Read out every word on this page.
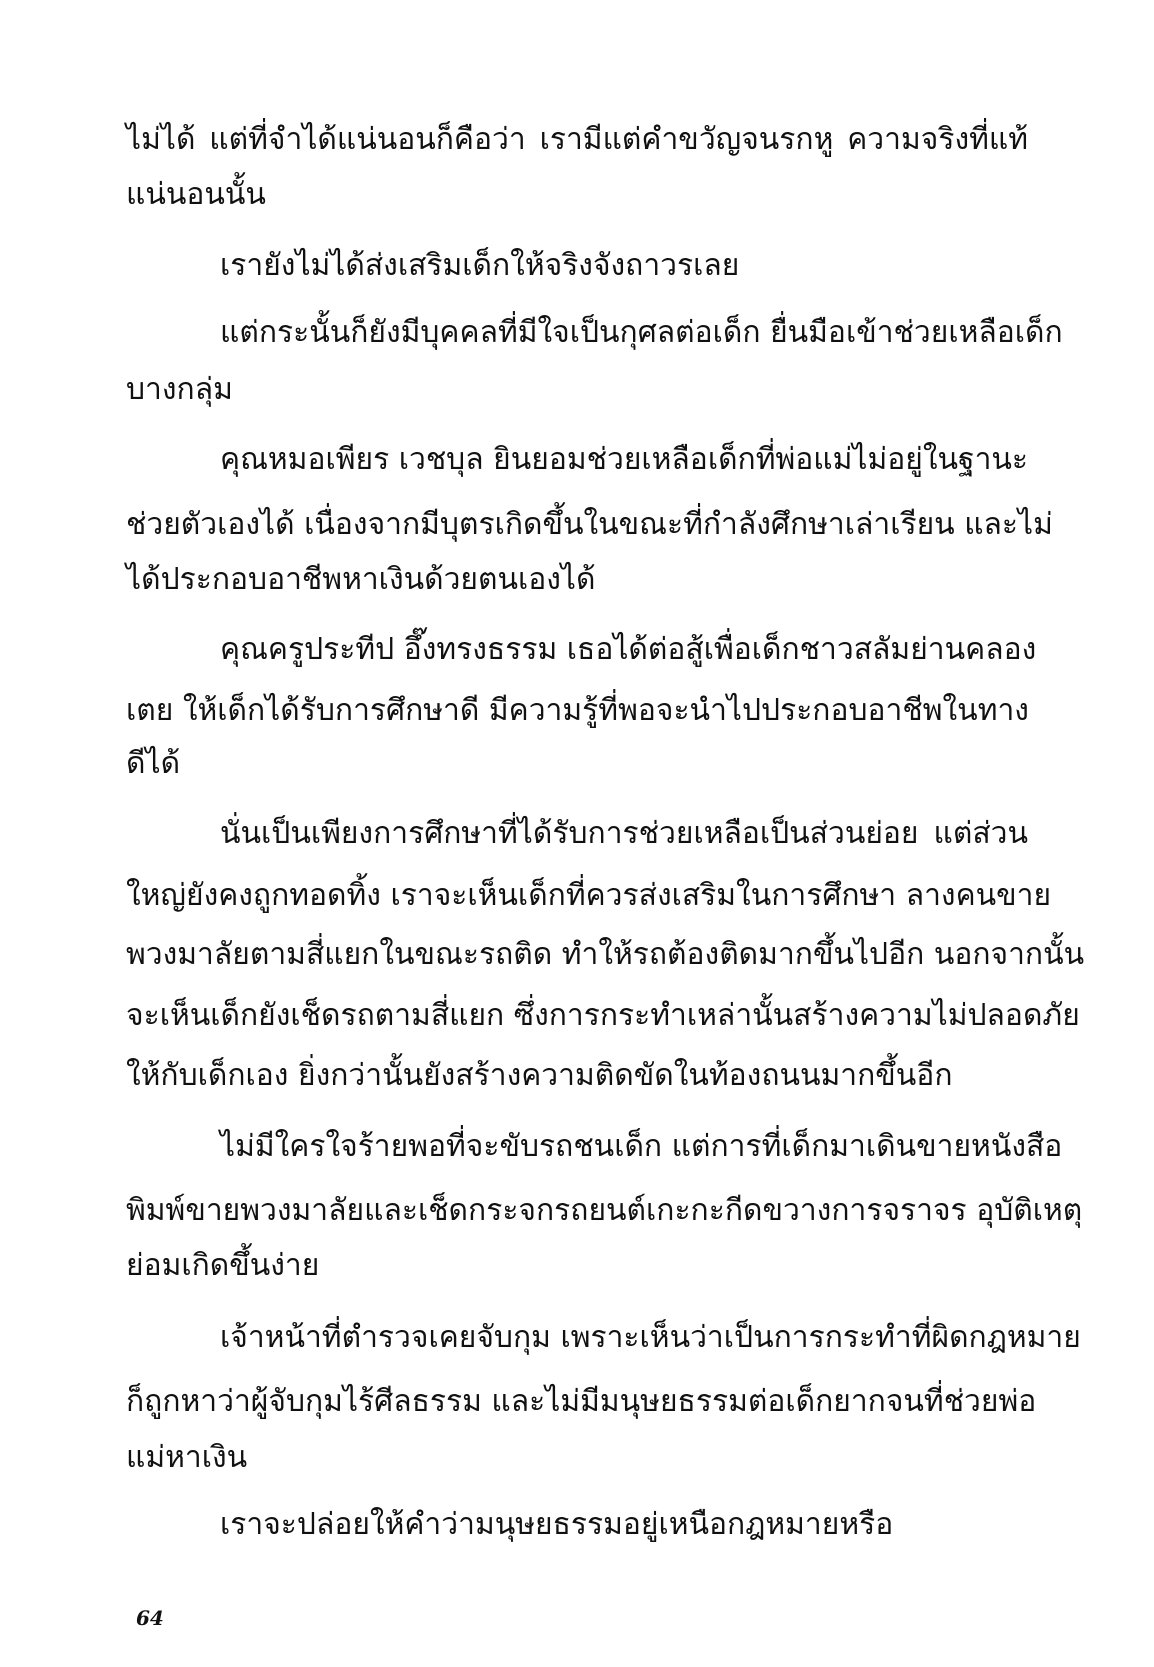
ไม่ได้ แต่ที่จำได้แน่นอนก็คือว่า เรามีแต่คำขวัญจนรกหู ความจริงที่แท้
แน่นอนนั้น
เรายังไม่ได้ส่งเสริมเด็กให้จริงจังถาวรเลย
แต่กระนั้นก็ยังมีบุคคลที่มีใจเป็นกุศลต่อเด็ก ยื่นมือเข้าช่วยเหลือเด็ก
บางกลุ่ม
คุณหมอเพียร เวชบุล ยินยอมช่วยเหลือเด็กที่พ่อแม่ไม่อยู่ในฐานะ
ช่วยตัวเองได้ เนื่องจากมีบุตรเกิดขึ้นในขณะที่กำลังศึกษาเล่าเรียน และไม่
ได้ประกอบอาชีพหาเงินด้วยตนเองได้
คุณครูประทีป อึ๊งทรงธรรม เธอได้ต่อสู้เพื่อเด็กชาวสลัมย่านคลอง
เตย ให้เด็กได้รับการศึกษาดี มีความรู้ที่พอจะนำไปประกอบอาชีพในทาง
ดีได้
นั่นเป็นเพียงการศึกษาที่ได้รับการช่วยเหลือเป็นส่วนย่อย แต่ส่วน
ใหญ่ยังคงถูกทอดทิ้ง เราจะเห็นเด็กที่ควรส่งเสริมในการศึกษา ลางคนขาย
พวงมาลัยตามสี่แยกในขณะรถติด ทำให้รถต้องติดมากขึ้นไปอีก นอกจากนั้น
จะเห็นเด็กยังเช็ดรถตามสี่แยก ซึ่งการกระทำเหล่านั้นสร้างความไม่ปลอดภัย
ให้กับเด็กเอง ยิ่งกว่านั้นยังสร้างความติดขัดในท้องถนนมากขึ้นอีก
ไม่มีใครใจร้ายพอที่จะขับรถชนเด็ก แต่การที่เด็กมาเดินขายหนังสือ
พิมพ์ขายพวงมาลัยและเช็ดกระจกรถยนต์เกะกะกีดขวางการจราจร อุบัติเหตุ
ย่อมเกิดขึ้นง่าย
เจ้าหน้าที่ตำรวจเคยจับกุม เพราะเห็นว่าเป็นการกระทำที่ผิดกฎหมาย
ก็ถูกหาว่าผู้จับกุมไร้ศีลธรรม และไม่มีมนุษยธรรมต่อเด็กยากจนที่ช่วยพ่อ
แม่หาเงิน
เราจะปล่อยให้คำว่ามนุษยธรรมอยู่เหนือกฎหมายหรือ
64
